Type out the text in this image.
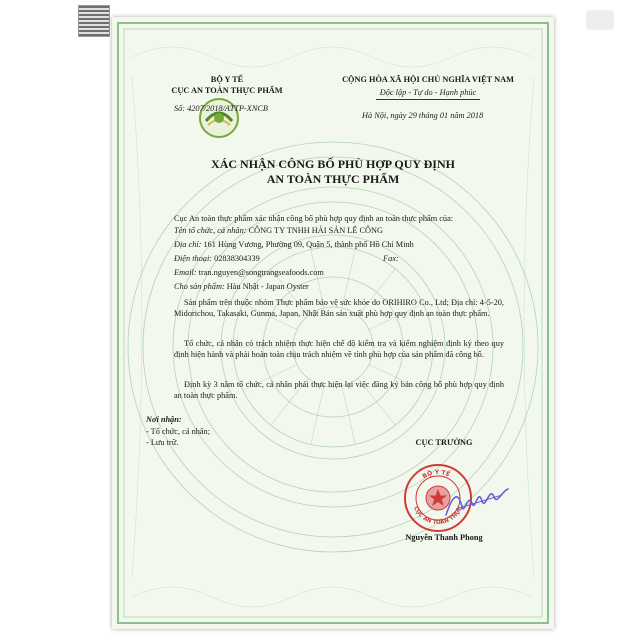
BỘ Y TẾ
CỤC AN TOÀN THỰC PHẨM
Số: 4207/2018/ATTP-XNCB
CỘNG HÒA XÃ HỘI CHỦ NGHĨA VIỆT NAM
Độc lập - Tự do - Hạnh phúc
Hà Nội, ngày 29 tháng 01 năm 2018
XÁC NHẬN CÔNG BỐ PHÙ HỢP QUY ĐỊNH
AN TOÀN THỰC PHẨM
Cục An toàn thực phẩm xác nhận công bố phù hợp quy định an toàn thực phẩm của:
Tên tổ chức, cá nhân: CÔNG TY TNHH HẢI SẢN LÊ CÔNG
Địa chỉ: 161 Hùng Vương, Phường 09, Quận 5, thành phố Hồ Chí Minh
Điện thoại: 02838304339	Fax:
Email: tran.nguyen@songtrangseafoods.com
Cho sản phẩm: Hàu Nhật - Japan Oyster
Sản phẩm trên thuộc nhóm Thực phẩm bảo vệ sức khỏe do ORIHIRO Co., Ltd; Địa chỉ: 4-5-20, Midorichou, Takasaki, Gunma, Japan, Nhật Bản sản xuất phù hợp quy định an toàn thực phẩm.
Tổ chức, cá nhân có trách nhiệm thực hiện chế độ kiểm tra và kiểm nghiệm định kỳ theo quy định hiện hành và phải hoàn toàn chịu trách nhiệm về tính phù hợp của sản phẩm đã công bố.
Định kỳ 3 năm tổ chức, cá nhân phải thực hiện lại việc đăng ký bản công bố phù hợp quy định an toàn thực phẩm.
Nơi nhận:
- Tổ chức, cá nhân;
- Lưu trữ.	CỤC TRƯỞNG
BỘ Y TẾ
CỤC AN TOÀN THỰC
Nguyễn Thanh Phong
